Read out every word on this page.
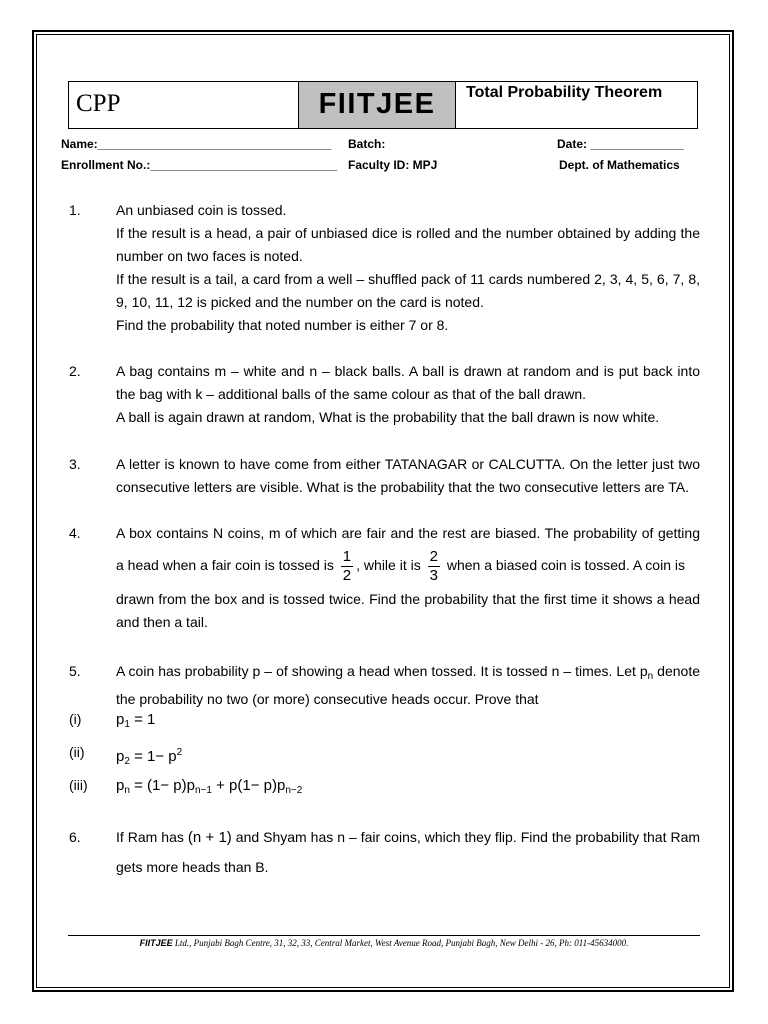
CPP	FIITJEE	Total Probability Theorem
Name:___________________________________ Batch:	Date: ______________
Enrollment No.:____________________________ Faculty ID: MPJ	Dept. of Mathematics
1.	An unbiased coin is tossed.

If the result is a head, a pair of unbiased dice is rolled and the number obtained by adding the number on two faces is noted.

If the result is a tail, a card from a well – shuffled pack of 11 cards numbered 2, 3, 4, 5, 6, 7, 8, 9, 10, 11, 12 is picked and the number on the card is noted.

Find the probability that noted number is either 7 or 8.

2.	A bag contains m – white and n – black balls. A ball is drawn at random and is put back into the bag with k – additional balls of the same colour as that of the ball drawn.

A ball is again drawn at random, What is the probability that the ball drawn is now white.

3.	A letter is known to have come from either TATANAGAR or CALCUTTA. On the letter just two consecutive letters are visible. What is the probability that the two consecutive letters are TA.

4.	A box contains N coins, m of which are fair and the rest are biased. The probability of getting

a head when a fair coin is tossed is $\frac{1}{2}$ , while it is $\frac{2}{3}$ when a biased coin is tossed. A coin is

drawn from the box and is tossed twice. Find the probability that the first time it shows a head and then a tail.

5.	A coin has probability p – of showing a head when tossed. It is tossed n – times. Let $p_n$ denote

the probability no two (or more) consecutive heads occur. Prove that

(i)	$p_1 = 1$
(ii)	$p_2 = 1- p^2$
(iii)	$p_n = (1- p)p_{n-1} + p(1- p)p_{n-2}$
6.	If Ram has (n + 1) and Shyam has n – fair coins, which they flip. Find the probability that Ram

gets more heads than B.

FIITJEE Ltd., Punjabi Bagh Centre, 31, 32, 33, Central Market, West Avenue Road, Punjabi Bagh, New Delhi - 26, Ph: 011-45634000.
